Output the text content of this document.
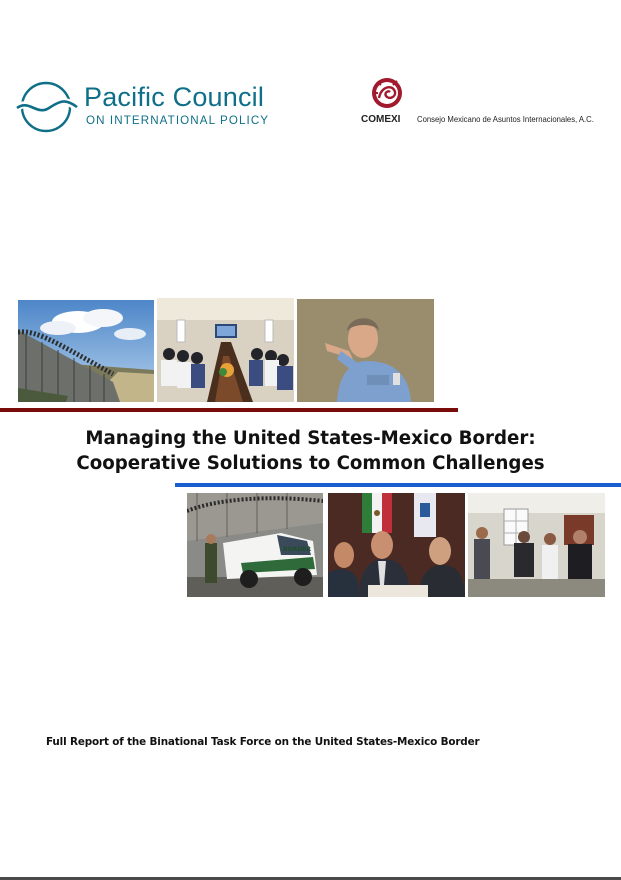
Pacific Council
ON INTERNATIONAL POLICY	COMEXI Consejo Mexicano de Asuntos Internacionales, A.C.
Managing the United States-Mexico Border:
Cooperative Solutions to Common Challenges
BORDER
Full Report of the Binational Task Force on the United States-Mexico Border
